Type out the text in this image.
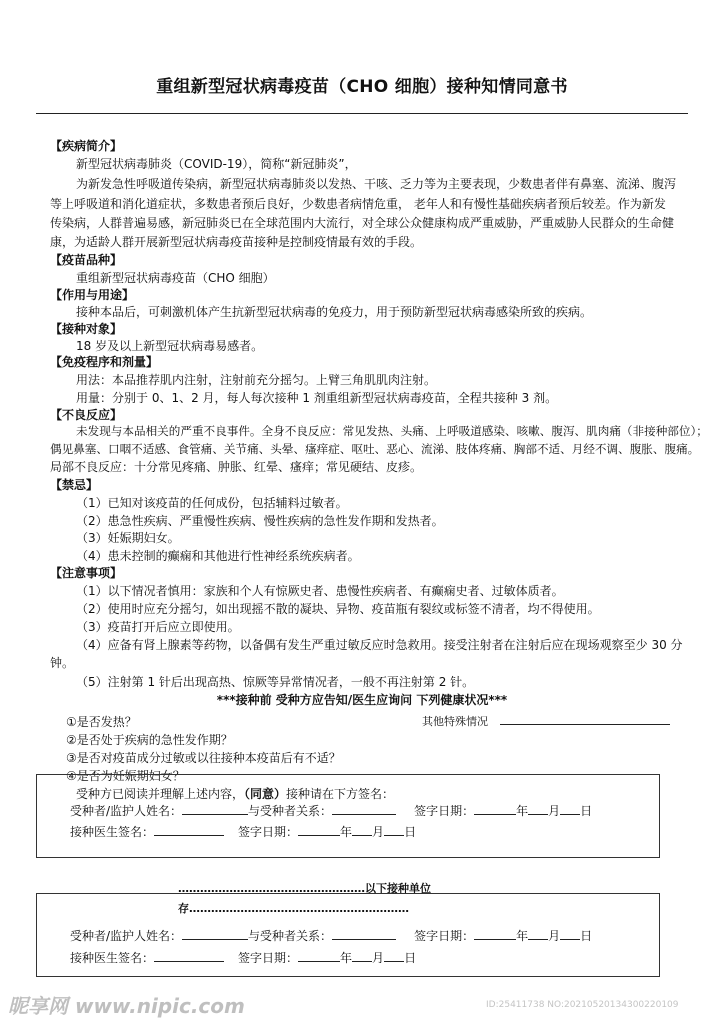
重组新型冠状病毒疫苗（CHO 细胞）接种知情同意书
【疾病简介】
新型冠状病毒肺炎（COVID-19），简称“新冠肺炎”，
为新发急性呼吸道传染病，新型冠状病毒肺炎以发热、干咳、乏力等为主要表现，少数患者伴有鼻塞、流涕、腹泻
等上呼吸道和消化道症状，多数患者预后良好，少数患者病情危重， 老年人和有慢性基础疾病者预后较差。作为新发
传染病，人群普遍易感，新冠肺炎已在全球范围内大流行，对全球公众健康构成严重威胁，严重威胁人民群众的生命健
康，为适龄人群开展新型冠状病毒疫苗接种是控制疫情最有效的手段。
【疫苗品种】
重组新型冠状病毒疫苗（CHO 细胞）
【作用与用途】
接种本品后，可刺激机体产生抗新型冠状病毒的免疫力，用于预防新型冠状病毒感染所致的疾病。
【接种对象】
18 岁及以上新型冠状病毒易感者。
【免疫程序和剂量】
用法：本品推荐肌内注射，注射前充分摇匀。上臂三角肌肌肉注射。
用量：分别于 0、1、2 月，每人每次接种 1 剂重组新型冠状病毒疫苗，全程共接种 3 剂。
【不良反应】
未发现与本品相关的严重不良事件。全身不良反应：常见发热、头痛、上呼吸道感染、咳嗽、腹泻、肌肉痛（非接种部位）；
偶见鼻塞、口咽不适感、食管痛、关节痛、头晕、瘙痒症、呕吐、恶心、流涕、肢体疼痛、胸部不适、月经不调、腹胀、腹痛。
局部不良反应：十分常见疼痛、肿胀、红晕、瘙痒；常见硬结、皮疹。
【禁忌】
（1）已知对该疫苗的任何成份，包括辅料过敏者。
（2）患急性疾病、严重慢性疾病、慢性疾病的急性发作期和发热者。
（3）妊娠期妇女。
（4）患未控制的癫痫和其他进行性神经系统疾病者。
【注意事项】
（1）以下情况者慎用：家族和个人有惊厥史者、患慢性疾病者、有癫痫史者、过敏体质者。
（2）使用时应充分摇匀，如出现摇不散的凝块、异物、疫苗瓶有裂纹或标签不清者，均不得使用。
（3）疫苗打开后应立即使用。
（4）应备有肾上腺素等药物，以备偶有发生严重过敏反应时急救用。接受注射者在注射后应在现场观察至少 30 分
钟。
（5）注射第 1 针后出现高热、惊厥等异常情况者，一般不再注射第 2 针。
***接种前 受种方应告知/医生应询问 下列健康状况***
①是否发热？
②是否处于疾病的急性发作期？
③是否对疫苗成分过敏或以往接种本疫苗后有不适？
④是否为妊娠期妇女？
其他特殊情况
受种方已阅读并理解上述内容，（同意）接种请在下方签名：
受种者/监护人姓名：	与受种者关系：	签字日期：	年 月 日
接种医生签名：	签字日期：	年 月 日
……………………………………………以下接种单位
存……………………………………………………
受种者/监护人姓名：	与受种者关系：	签字日期：	年 月 日
接种医生签名：	签字日期：	年 月 日
昵享网 www.nipic.com	ID:25411738 NO:20210520134300220109
